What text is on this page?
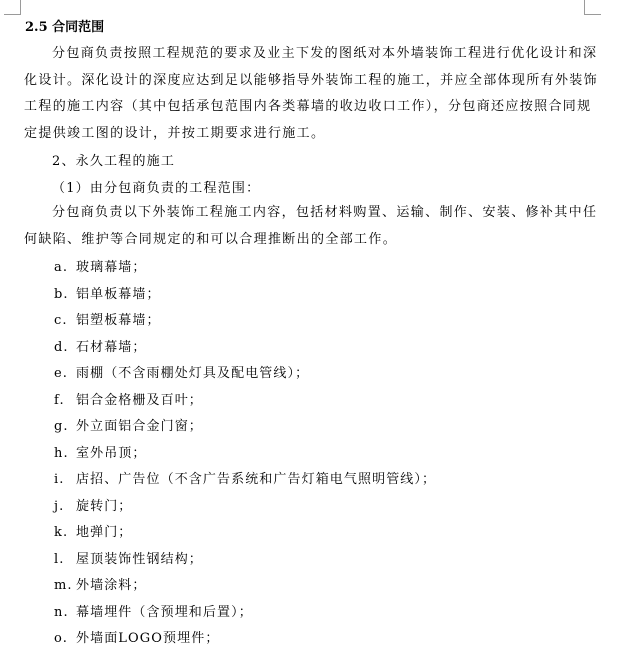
2.5 合同范围
分包商负责按照工程规范的要求及业主下发的图纸对本外墙装饰工程进行优化设计和深化设计。深化设计的深度应达到足以能够指导外装饰工程的施工，并应全部体现所有外装饰工程的施工内容（其中包括承包范围内各类幕墙的收边收口工作），分包商还应按照合同规定提供竣工图的设计，并按工期要求进行施工。
2、永久工程的施工
（1）由分包商负责的工程范围：
分包商负责以下外装饰工程施工内容，包括材料购置、运输、制作、安装、修补其中任何缺陷、维护等合同规定的和可以合理推断出的全部工作。
a. 玻璃幕墙；
b. 铝单板幕墙；
c. 铝塑板幕墙；
d. 石材幕墙；
e. 雨棚（不含雨棚处灯具及配电管线）；
f. 铝合金格栅及百叶；
g. 外立面铝合金门窗；
h. 室外吊顶；
i. 店招、广告位（不含广告系统和广告灯箱电气照明管线）；
j. 旋转门；
k. 地弹门；
l. 屋顶装饰性钢结构；
m. 外墙涂料；
n. 幕墙埋件（含预埋和后置）；
o. 外墙面LOGO预埋件；
